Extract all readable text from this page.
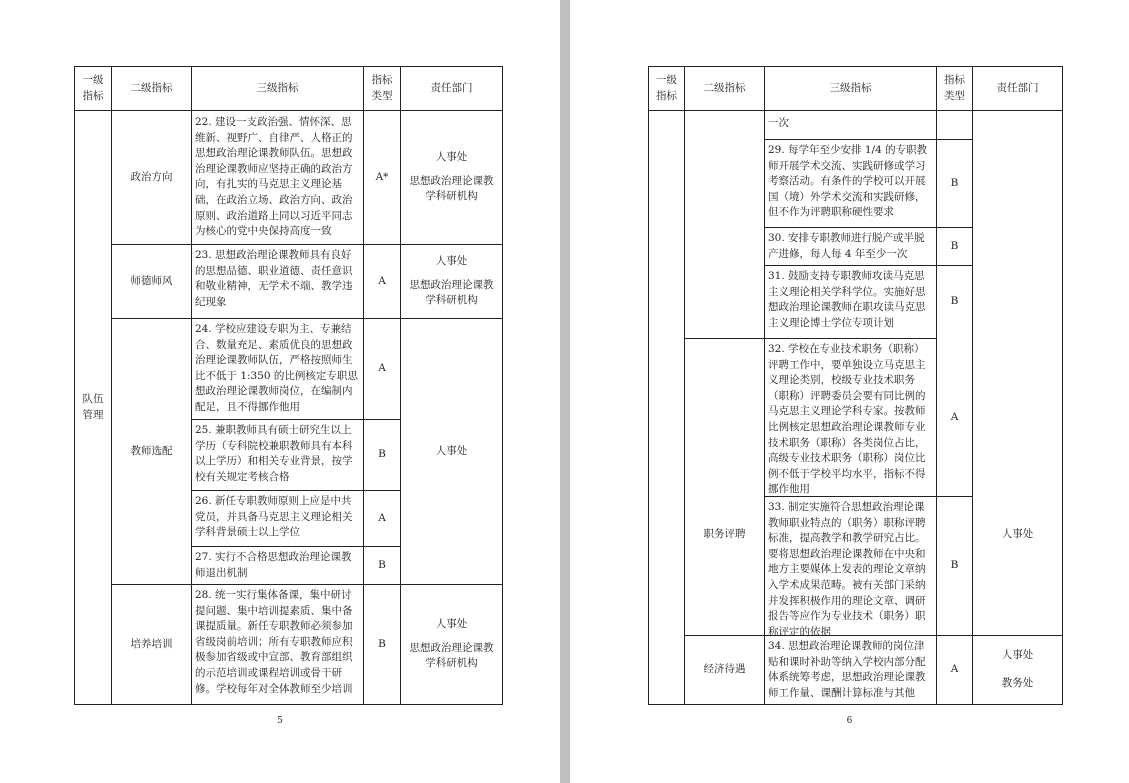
一级指标
二级指标	三级指标
指标类型
责任部门
队伍管理
政治方向
师德师风
教师选配
培养培训
22. 建设一支政治强、情怀深、思维新、视野广、自律严、人格正的思想政治理论课教师队伍。思想政治理论课教师应坚持正确的政治方向，有扎实的马克思主义理论基础，在政治立场、政治方向、政治原则、政治道路上同以习近平同志为核心的党中央保持高度一致
23. 思想政治理论课教师具有良好的思想品德、职业道德、责任意识和敬业精神，无学术不端、教学违纪现象
24. 学校应建设专职为主、专兼结合、数量充足、素质优良的思想政治理论课教师队伍，严格按照师生比不低于 1:350 的比例核定专职思想政治理论课教师岗位，在编制内配足，且不得挪作他用
25. 兼职教师具有硕士研究生以上学历（专科院校兼职教师具有本科以上学历）和相关专业背景，按学校有关规定考核合格
26. 新任专职教师原则上应是中共党员，并具备马克思主义理论相关学科背景硕士以上学位
27. 实行不合格思想政治理论课教师退出机制
28. 统一实行集体备课，集中研讨提问题、集中培训提素质、集中备课提质量。新任专职教师必须参加省级岗前培训；所有专职教师应积极参加省级或中宣部、教育部组织的示范培训或课程培训或骨干研修。学校每年对全体教师至少培训
A*
A
A
B
A
B
B
人事处
思想政治理论课教学科研机构
人事处
思想政治理论课教学科研机构
人事处
人事处
思想政治理论课教学科研机构
5
一级指标
二级指标	三级指标
指标类型
责任部门
职务评聘
经济待遇
一次
29. 每学年至少安排 1/4 的专职教师开展学术交流、实践研修或学习考察活动。有条件的学校可以开展国（境）外学术交流和实践研修，但不作为评聘职称硬性要求
30. 安排专职教师进行脱产或半脱产进修，每人每 4 年至少一次
31. 鼓励支持专职教师攻读马克思主义理论相关学科学位。实施好思想政治理论课教师在职攻读马克思主义理论博士学位专项计划
32. 学校在专业技术职务（职称）评聘工作中，要单独设立马克思主义理论类别，校级专业技术职务（职称）评聘委员会要有同比例的马克思主义理论学科专家。按教师比例核定思想政治理论课教师专业技术职务（职称）各类岗位占比，高级专业技术职务（职称）岗位比例不低于学校平均水平，指标不得挪作他用
33. 制定实施符合思想政治理论课教师职业特点的（职务）职称评聘标准，提高教学和教学研究占比。要将思想政治理论课教师在中央和地方主要媒体上发表的理论文章纳入学术成果范畴。被有关部门采纳并发挥积极作用的理论文章、调研报告等应作为专业技术（职务）职称评定的依据
34. 思想政治理论课教师的岗位津贴和课时补助等纳入学校内部分配体系统筹考虑，思想政治理论课教师工作量、课酬计算标准与其他
B
B
B
A
B
A
人事处
人事处
教务处
6
